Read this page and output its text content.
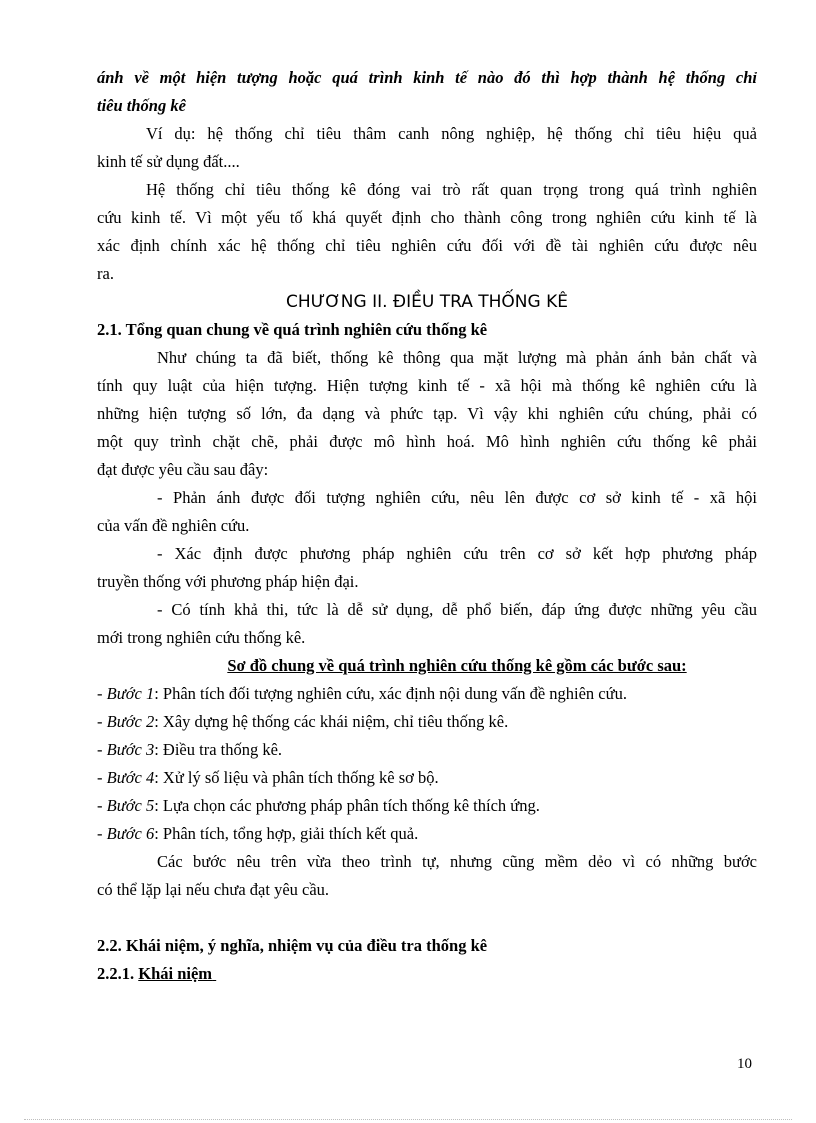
ánh về một hiện tượng hoặc quá trình kinh tế nào đó thì hợp thành hệ thống chỉ

tiêu thống kê

Ví dụ: hệ thống chỉ tiêu thâm canh nông nghiệp, hệ thống chỉ tiêu hiệu quả

kinh tế sử dụng đất....

Hệ thống chỉ tiêu thống kê đóng vai trò rất quan trọng trong quá trình nghiên

cứu kinh tế. Vì một yếu tố khá quyết định cho thành công trong nghiên cứu kinh tế là

xác định chính xác hệ thống chỉ tiêu nghiên cứu đối với đề tài nghiên cứu được nêu

ra.

CHƯƠNG II. ĐIỀU TRA THỐNG KÊ

2.1. Tổng quan chung về quá trình nghiên cứu thống kê

Như chúng ta đã biết, thống kê thông qua mặt lượng mà phản ánh bản chất và

tính quy luật của hiện tượng. Hiện tượng kinh tế - xã hội mà thống kê nghiên cứu là

những hiện tượng số lớn, đa dạng và phức tạp. Vì vậy khi nghiên cứu chúng, phải có

một quy trình chặt chẽ, phải được mô hình hoá. Mô hình nghiên cứu thống kê phải

đạt được yêu cầu sau đây:

- Phản ánh được đối tượng nghiên cứu, nêu lên được cơ sở kinh tế - xã hội

của vấn đề nghiên cứu.

- Xác định được phương pháp nghiên cứu trên cơ sở kết hợp phương pháp

truyền thống với phương pháp hiện đại.

- Có tính khả thi, tức là dễ sử dụng, dễ phổ biến, đáp ứng được những yêu cầu

mới trong nghiên cứu thống kê.

Sơ đồ chung về quá trình nghiên cứu thống kê gồm các bước sau:

- Bước 1: Phân tích đối tượng nghiên cứu, xác định nội dung vấn đề nghiên cứu.

- Bước 2: Xây dựng hệ thống các khái niệm, chỉ tiêu thống kê.

- Bước 3: Điều tra thống kê.

- Bước 4: Xử lý số liệu và phân tích thống kê sơ bộ.

- Bước 5: Lựa chọn các phương pháp phân tích thống kê thích ứng.

- Bước 6: Phân tích, tổng hợp, giải thích kết quả.

Các bước nêu trên vừa theo trình tự, nhưng cũng mềm dẻo vì có những bước

có thể lặp lại nếu chưa đạt yêu cầu.

2.2. Khái niệm, ý nghĩa, nhiệm vụ của điều tra thống kê

2.2.1. Khái niệm

10
